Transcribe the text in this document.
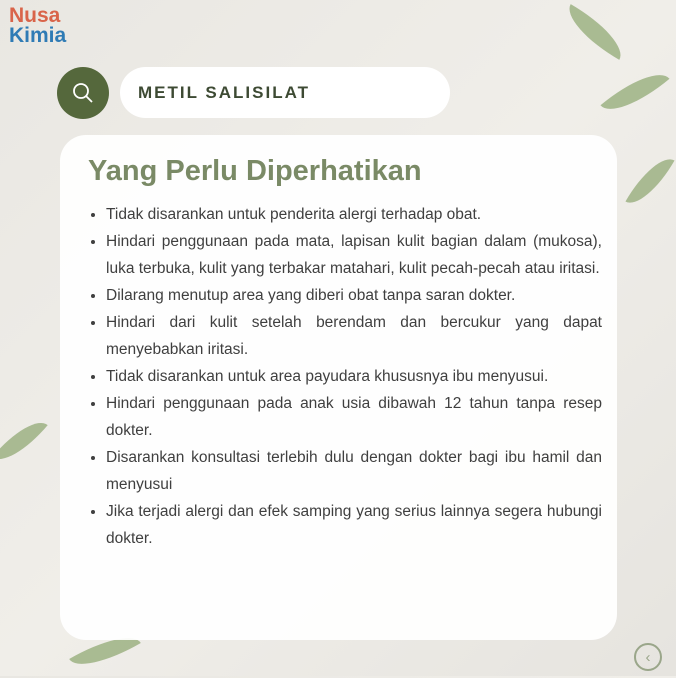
Nusa
Kimia
METIL SALISILAT
Yang Perlu Diperhatikan
• Tidak disarankan untuk penderita alergi terhadap obat.
• Hindari penggunaan pada mata, lapisan kulit bagian dalam (mukosa), luka terbuka, kulit yang terbakar matahari, kulit pecah-pecah atau iritasi.
• Dilarang menutup area yang diberi obat tanpa saran dokter.
• Hindari dari kulit setelah berendam dan bercukur yang dapat menyebabkan iritasi.
• Tidak disarankan untuk area payudara khususnya ibu menyusui.
• Hindari penggunaan pada anak usia dibawah 12 tahun tanpa resep dokter.
• Disarankan konsultasi terlebih dulu dengan dokter bagi ibu hamil dan menyusui
• Jika terjadi alergi dan efek samping yang serius lainnya segera hubungi dokter.
‹
